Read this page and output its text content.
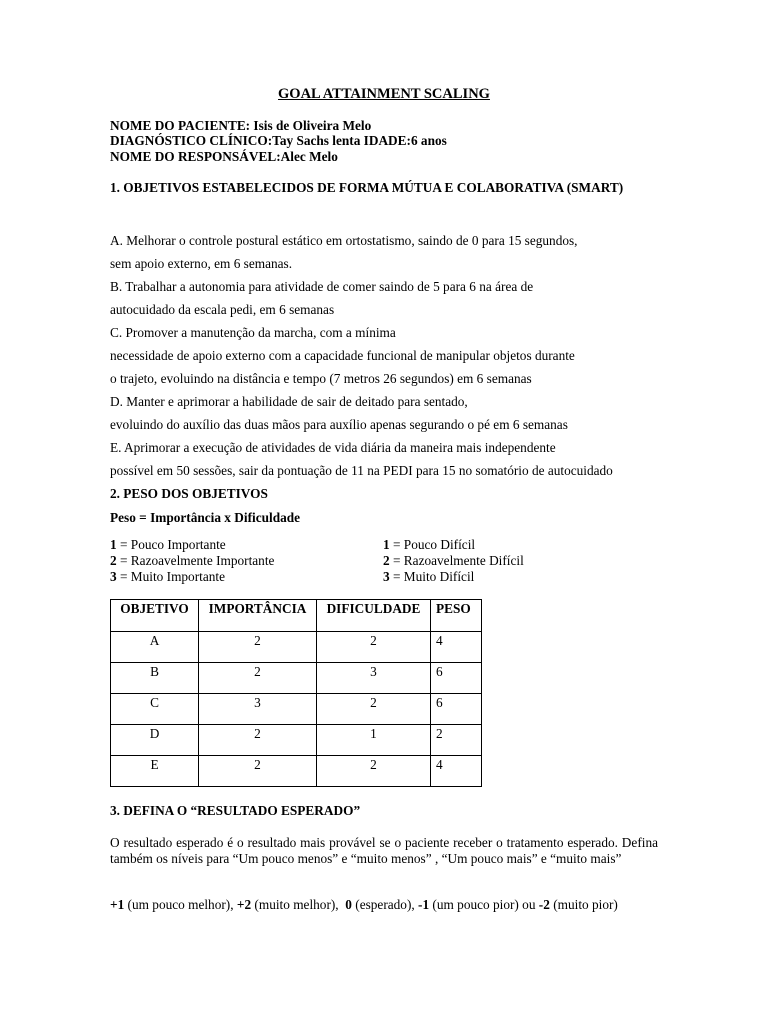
GOAL ATTAINMENT SCALING
NOME DO PACIENTE: Isis de Oliveira Melo
DIAGNÓSTICO CLÍNICO:Tay Sachs lenta IDADE:6 anos
NOME DO RESPONSÁVEL:Alec Melo
1. OBJETIVOS ESTABELECIDOS DE FORMA MÚTUA E COLABORATIVA (SMART)
A. Melhorar o controle postural estático em ortostatismo, saindo de 0 para 15 segundos,
sem apoio externo, em 6 semanas.
B. Trabalhar a autonomia para atividade de comer saindo de 5 para 6 na área de
autocuidado da escala pedi, em 6 semanas
C. Promover a manutenção da marcha, com a mínima
necessidade de apoio externo com a capacidade funcional de manipular objetos durante
o trajeto, evoluindo na distância e tempo (7 metros 26 segundos) em 6 semanas
D. Manter e aprimorar a habilidade de sair de deitado para sentado,
evoluindo do auxílio das duas mãos para auxílio apenas segurando o pé em 6 semanas
E. Aprimorar a execução de atividades de vida diária da maneira mais independente
possível em 50 sessões, sair da pontuação de 11 na PEDI para 15 no somatório de autocuidado
2. PESO DOS OBJETIVOS
Peso = Importância x Dificuldade
1 = Pouco Importante
2 = Razoavelmente Importante
3 = Muito Importante
1 = Pouco Difícil
2 = Razoavelmente Difícil
3 = Muito Difícil
OBJETIVO	IMPORTÂNCIA	DIFICULDADE	PESO
A	2	2	4
B	2	3	6
C	3	2	6
D	2	1	2
E	2	2	4
3. DEFINA O “RESULTADO ESPERADO”
O resultado esperado é o resultado mais provável se o paciente receber o tratamento esperado. Defina também os níveis para “Um pouco menos” e “muito menos” , “Um pouco mais” e “muito mais”
+1 (um pouco melhor), +2 (muito melhor),  0 (esperado), -1 (um pouco pior) ou -2 (muito pior)
